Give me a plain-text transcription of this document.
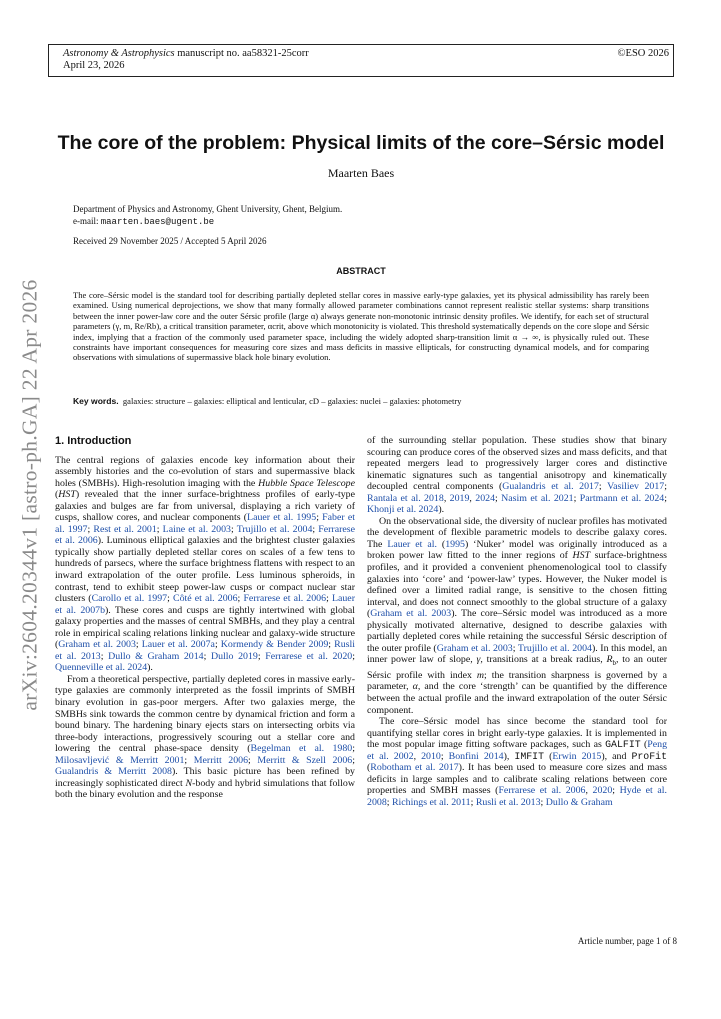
Astronomy & Astrophysics manuscript no. aa58321-25corr
April 23, 2026
©ESO 2026
arXiv:2604.20344v1 [astro-ph.GA] 22 Apr 2026
The core of the problem: Physical limits of the core–Sérsic model
Maarten Baes
Department of Physics and Astronomy, Ghent University, Ghent, Belgium.
e-mail: maarten.baes@ugent.be
Received 29 November 2025 / Accepted 5 April 2026
ABSTRACT
The core–Sérsic model is the standard tool for describing partially depleted stellar cores in massive early-type galaxies, yet its physical admissibility has rarely been examined. Using numerical deprojections, we show that many formally allowed parameter combinations cannot represent realistic stellar systems: sharp transitions between the inner power-law core and the outer Sérsic profile (large α) always generate non-monotonic intrinsic density profiles. We identify, for each set of structural parameters (γ, m, Re/Rb), a critical transition parameter, αcrit, above which monotonicity is violated. This threshold systematically depends on the core slope and Sérsic index, implying that a fraction of the commonly used parameter space, including the widely adopted sharp-transition limit α → ∞, is physically ruled out. These constraints have important consequences for measuring core sizes and mass deficits in massive ellipticals, for constructing dynamical models, and for comparing observations with simulations of supermassive black hole binary evolution.
Key words. galaxies: structure – galaxies: elliptical and lenticular, cD – galaxies: nuclei – galaxies: photometry
1. Introduction

The central regions of galaxies encode key information about their assembly histories and the co-evolution of stars and supermassive black holes (SMBHs). High-resolution imaging with the Hubble Space Telescope (HST) revealed that the inner surface-brightness profiles of early-type galaxies and bulges are far from universal, displaying a rich variety of cusps, shallow cores, and nuclear components (Lauer et al. 1995; Faber et al. 1997; Rest et al. 2001; Laine et al. 2003; Trujillo et al. 2004; Ferrarese et al. 2006). Luminous elliptical galaxies and the brightest cluster galaxies typically show partially depleted stellar cores on scales of a few tens to hundreds of parsecs, where the surface brightness flattens with respect to an inward extrapolation of the outer profile. Less luminous spheroids, in contrast, tend to exhibit steep power-law cusps or compact nuclear star clusters (Carollo et al. 1997; Côté et al. 2006; Ferrarese et al. 2006; Lauer et al. 2007b). These cores and cusps are tightly intertwined with global galaxy properties and the masses of central SMBHs, and they play a central role in empirical scaling relations linking nuclear and galaxy-wide structure (Graham et al. 2003; Lauer et al. 2007a; Kormendy & Bender 2009; Rusli et al. 2013; Dullo & Graham 2014; Dullo 2019; Ferrarese et al. 2020; Quenneville et al. 2024).

From a theoretical perspective, partially depleted cores in massive early-type galaxies are commonly interpreted as the fossil imprints of SMBH binary evolution in gas-poor mergers. After two galaxies merge, the SMBHs sink towards the common centre by dynamical friction and form a bound binary. The hardening binary ejects stars on intersecting orbits via three-body interactions, progressively scouring out a stellar core and lowering the central phase-space density (Begelman et al. 1980; Milosavljević & Merritt 2001; Merritt 2006; Merritt & Szell 2006; Gualandris & Merritt 2008). This basic picture has been refined by increasingly sophisticated direct N-body and hybrid simulations that follow both the binary evolution and the response

of the surrounding stellar population. These studies show that binary scouring can produce cores of the observed sizes and mass deficits, and that repeated mergers lead to progressively larger cores and distinctive kinematic signatures such as tangential anisotropy and kinematically decoupled central components (Gualandris et al. 2017; Vasiliev 2017; Rantala et al. 2018, 2019, 2024; Nasim et al. 2021; Partmann et al. 2024; Khonji et al. 2024).

On the observational side, the diversity of nuclear profiles has motivated the development of flexible parametric models to describe galaxy cores. The Lauer et al. (1995) ‘Nuker’ model was originally introduced as a broken power law fitted to the inner regions of HST surface-brightness profiles, and it provided a convenient phenomenological tool to classify galaxies into ‘core’ and ‘power-law’ types. However, the Nuker model is defined over a limited radial range, is sensitive to the chosen fitting interval, and does not connect smoothly to the global structure of a galaxy (Graham et al. 2003). The core–Sérsic model was introduced as a more physically motivated alternative, designed to describe galaxies with partially depleted cores while retaining the successful Sérsic description of the outer profile (Graham et al. 2003; Trujillo et al. 2004). In this model, an inner power law of slope, γ, transitions at a break radius, $R_b$, to an outer Sérsic profile with index m; the transition sharpness is governed by a parameter, α, and the core ‘strength’ can be quantified by the difference between the actual profile and the inward extrapolation of the outer Sérsic component.

The core–Sérsic model has since become the standard tool for quantifying stellar cores in bright early-type galaxies. It is implemented in the most popular image fitting software packages, such as GALFIT (Peng et al. 2002, 2010; Bonfini 2014), IMFIT (Erwin 2015), and ProFit (Robotham et al. 2017). It has been used to measure core sizes and mass deficits in large samples and to calibrate scaling relations between core properties and SMBH masses (Ferrarese et al. 2006, 2020; Hyde et al. 2008; Richings et al. 2011; Rusli et al. 2013; Dullo & Graham

Article number, page 1 of 8
